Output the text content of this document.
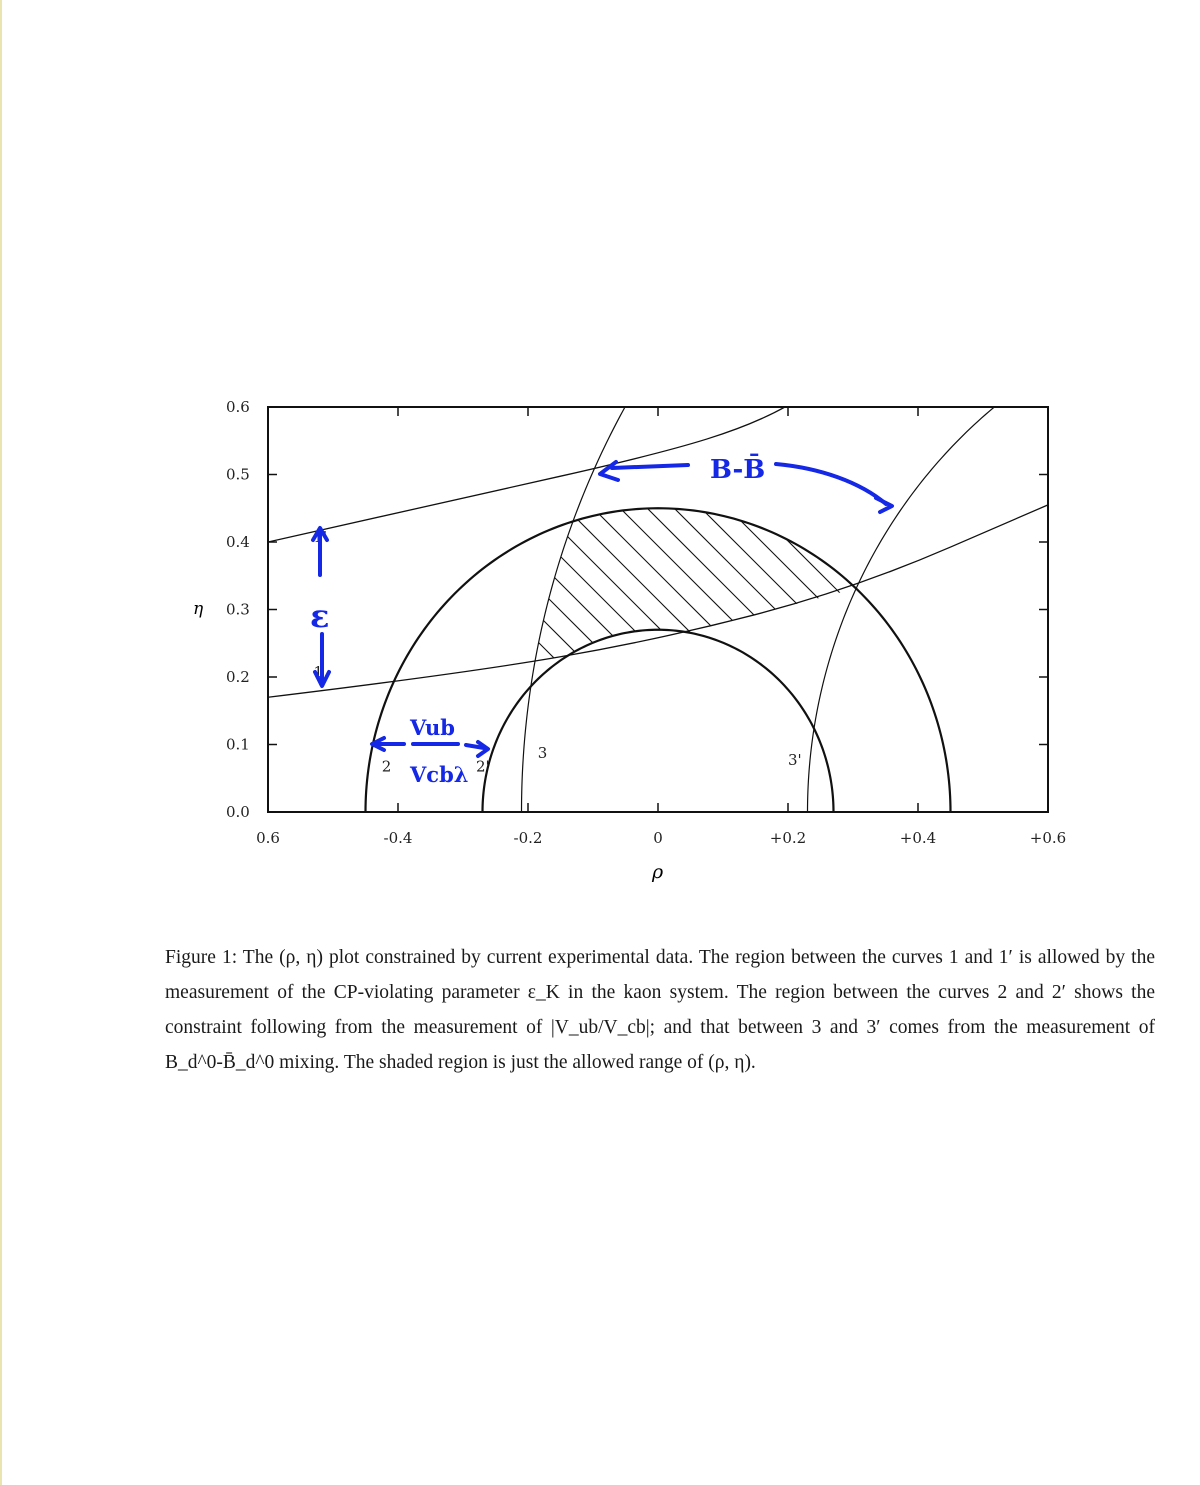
0.0
0.1
0.2
0.3
0.4
0.5
0.6
0.6	-0.4	-0.2	0	+0.2	+0.4	+0.6
1
1'
2	2'
3	3'
η
ρ
B-B̄
ε
Vub
Vcbλ
Figure 1: The (ρ, η) plot constrained by current experimental data. The region between the curves 1 and 1′ is allowed by the measurement of the CP-violating parameter ε_K in the kaon system. The region between the curves 2 and 2′ shows the constraint following from the measurement of |V_ub/V_cb|; and that between 3 and 3′ comes from the measurement of B_d^0-B̄_d^0 mixing. The shaded region is just the allowed range of (ρ, η).
